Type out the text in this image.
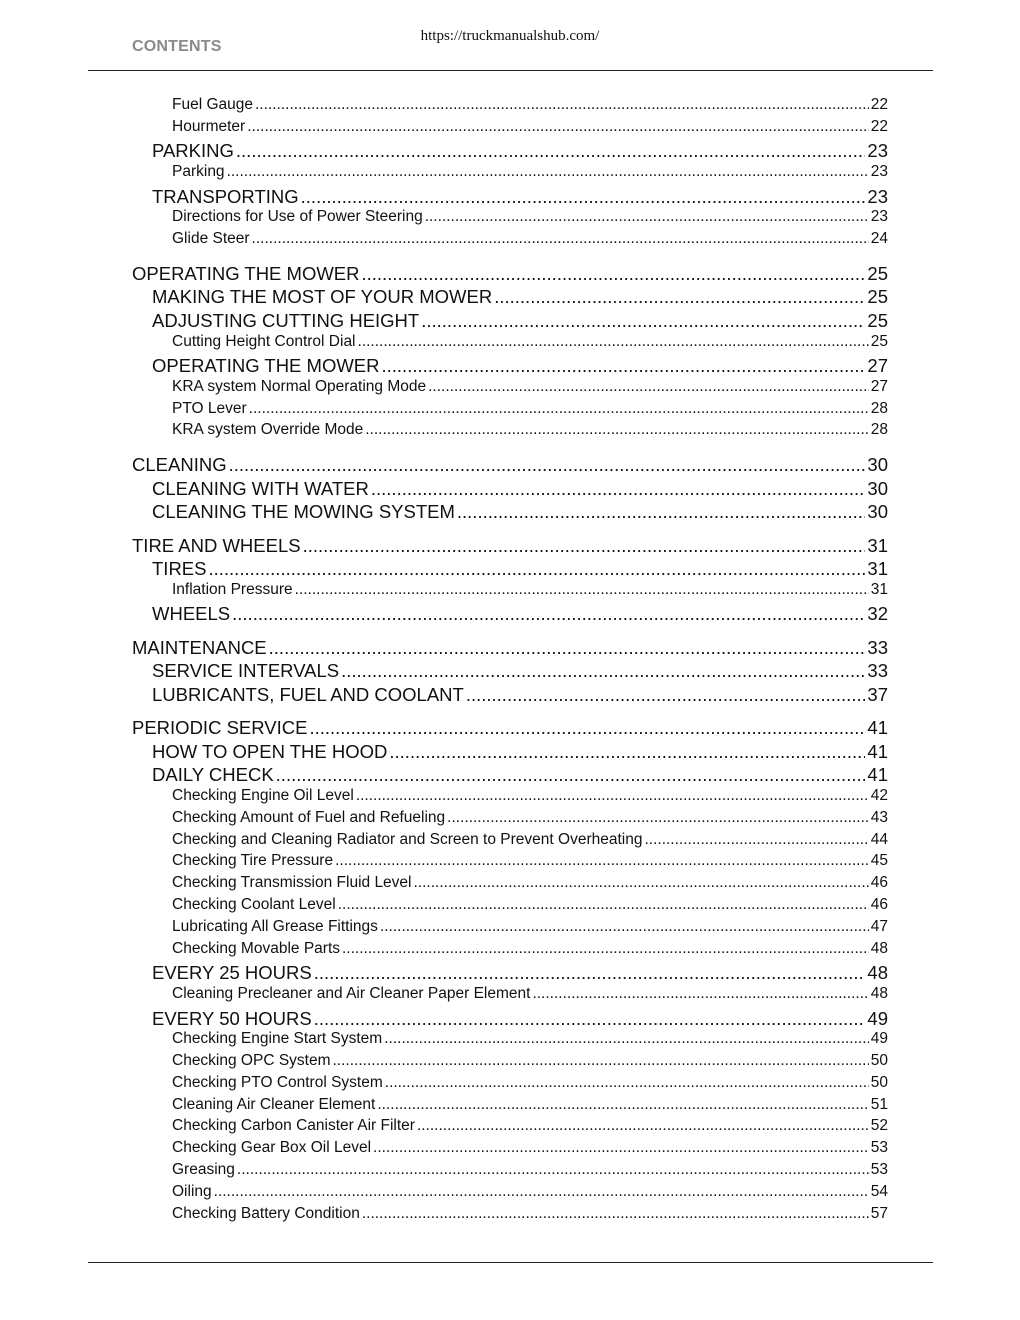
https://truckmanualshub.com/
CONTENTS
Fuel Gauge .....	22
Hourmeter .....	22
PARKING .....	23
Parking .....	23
TRANSPORTING .....	23
Directions for Use of Power Steering .....	23
Glide Steer .....	24
OPERATING THE MOWER .....	25
MAKING THE MOST OF YOUR MOWER .....	25
ADJUSTING CUTTING HEIGHT .....	25
Cutting Height Control Dial .....	25
OPERATING THE MOWER .....	27
KRA system Normal Operating Mode .....	27
PTO Lever .....	28
KRA system Override Mode .....	28
CLEANING .....	30
CLEANING WITH WATER .....	30
CLEANING THE MOWING SYSTEM .....	30
TIRE AND WHEELS .....	31
TIRES .....	31
Inflation Pressure .....	31
WHEELS .....	32
MAINTENANCE .....	33
SERVICE INTERVALS .....	33
LUBRICANTS, FUEL AND COOLANT .....	37
PERIODIC SERVICE .....	41
HOW TO OPEN THE HOOD .....	41
DAILY CHECK .....	41
Checking Engine Oil Level .....	42
Checking Amount of Fuel and Refueling .....	43
Checking and Cleaning Radiator and Screen to Prevent Overheating .....	44
Checking Tire Pressure .....	45
Checking Transmission Fluid Level .....	46
Checking Coolant Level .....	46
Lubricating All Grease Fittings .....	47
Checking Movable Parts .....	48
EVERY 25 HOURS .....	48
Cleaning Precleaner and Air Cleaner Paper Element .....	48
EVERY 50 HOURS .....	49
Checking Engine Start System .....	49
Checking OPC System .....	50
Checking PTO Control System .....	50
Cleaning Air Cleaner Element .....	51
Checking Carbon Canister Air Filter .....	52
Checking Gear Box Oil Level .....	53
Greasing .....	53
Oiling .....	54
Checking Battery Condition .....	57
